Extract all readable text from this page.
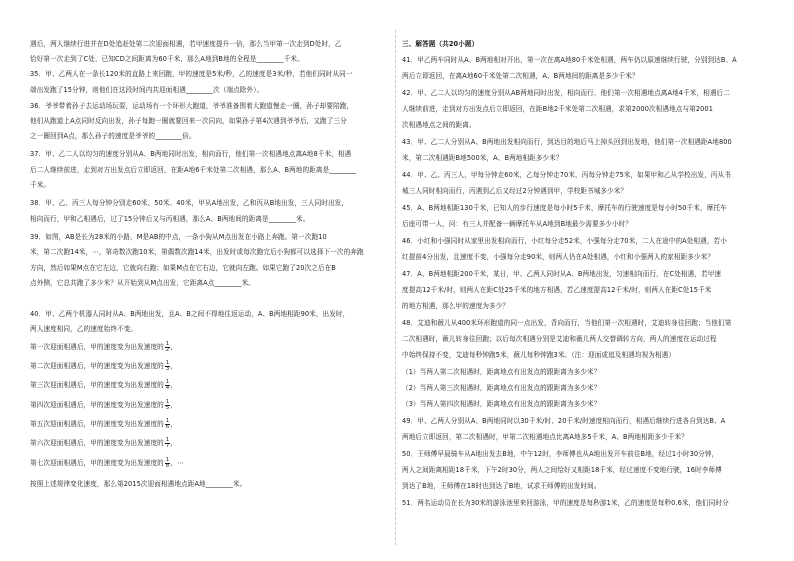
遇后，两人继续行进并在D处追赶处第二次迎面相遇，若甲速度提升一倍，那么当甲第一次走到D处时，乙
恰好第一次走到了C处，已知CD之间距离为60千米，那么A地到B地的全程是________千米。
35．甲、乙两人在一条长120米的直路上来回跑，甲的速度是5米/秒，乙的速度是3米/秒，若他们同时从同一
端出发跑了15分钟，则他们在这段时间内共迎面相遇________次（端点除外）。
36．爷爷带着孙子去运动场玩耍，运动场有一个环形大跑道，爷爷准备围着大跑道慢走一圈，孙子却要陪跑，
他们从跑道上A点同时反向出发，孙子每跑一圈就要回来一次同向，如果孙子第4次遇到爷爷后，又跑了三分
之一圈回到A点，那么孙子的速度是爷爷的________倍。
37．甲、乙二人以均匀的速度分别从A、B两地同时出发，相向而行，他们第一次相遇地点离A地8千米，相遇
后二人继续前进，走到对方出发点后立即返回，在距A地6千米处第二次相遇，那么A、B两地的距离是________
千米。
38．甲、乙、丙三人每分钟分别走60米、50米、40米，甲从A地出发，乙和丙从B地出发，三人同时出发，
相向而行，甲和乙相遇后，过了15分钟后又与丙相遇，那么A、B两地间的距离是________米。
39．如图，AB是长为28米的小路，M是AB的中点，一条小狗从M点出发在小路上奔跑。第一次跑10
米，第二次跑14米，⋯，第奇数次跑10米，第偶数次跑14米，出发时或每次跑完后小狗都可以选择下一次的奔跑
方向，然后如果M点在它左边，它就向右跑；如果M点在它右边，它就向左跑。如果它跑了20次之后在B
点外侧，它总共跑了多少米？从开始到从M点出发，它距离A点________米。
40．甲、乙两个机器人同时从A、B两地出发，且A、B之间不得地往返运动，A、B两地相距90米，出发时，
两人速度相同，乙的速度始终不变。
第一次迎面相遇后，甲的速度变为出发速度的 $\frac{1}{2}$ ，
第二次迎面相遇后，甲的速度变为出发速度的 $\frac{1}{3}$ ，
第三次迎面相遇后，甲的速度变为出发速度的 $\frac{1}{4}$ ，
第四次迎面相遇后，甲的速度变为出发速度的 $\frac{1}{5}$ ，
第五次迎面相遇后，甲的速度变为出发速度的 $\frac{1}{6}$ ，
第六次迎面相遇后，甲的速度变为出发速度的 $\frac{1}{7}$ ，
第七次迎面相遇后，甲的速度变为出发速度的 $\frac{1}{8}$ ，⋯
按照上述规律变化速度，那么第2015次迎面相遇地点距A地________米。
三、解答题（共20小题）
41．甲乙两车同时从A、B两地相对开出，第一次在离A地80千米处相遇，两车仍以原速继续行驶，分别到达B、A
两后立即返回，在离A地60千米处第二次相遇，A、B两地间的距离是多少千米？
42．甲、乙二人以均匀的速度分别从AB两地同时出发，相向而行，他们第一次相遇地点离A地4千米，相遇后二
人继续前进，走到对方出发点后立即返回，在距B地2千米处第二次相遇，求第2000次相遇地点与第2001
次相遇地点之间的距离。
43．甲、乙二人分别从A、B两地出发相向而行，到达目的地后马上掉头回到出发地，他们第一次相遇距A地800
米，第二次相遇距B地500米，A、B两地相距多少米？
44．甲、乙、丙三人，甲每分钟走60米，乙每分钟走70米，丙每分钟走75米，如果甲和乙从学校出发，丙从书
城三人同时相向而行，丙遇到乙后又经过2分钟遇到甲，学校距书城多少米？
45．A、B两地相距130千米，已知人的步行速度是每小时5千米，摩托车的行驶速度是每小时50千米，摩托车
后座可带一人，问：有三人并配备一辆摩托车从A地到B地最少需要多少小时？
46．小红和小强同时从家里出发相向而行，小红每分走52米，小强每分走70米，二人在途中的A处相遇，若小
红提前4分出发，且速度不变，小强每分走90米，则两人仍在A处相遇，小红和小强两人的家相距多少米？
47．A、B两地相距200千米，某日，甲、乙两人同时从A、B两地出发，匀速相向而行，在C处相遇，若甲速
度提高12千米/时，则两人在距C处25千米的地方相遇，若乙速度提高12千米/时，则两人在距C处15千米
的地方相遇，那么甲的速度为多少？
48．艾迪和薇儿从400米环形跑道的同一点出发，背向而行，当他们第一次相遇时，艾迪转身往回跑；当他们第
二次相遇时，薇儿转身往回跑；以后每次相遇分别是艾迪和薇儿两人交替调转方向，两人的速度在运动过程
中始终保持不变，艾迪每秒钟跑5米，薇儿每秒钟跑3米。（注：迎面或追及相遇均视为相遇）
（1）当两人第二次相遇时，距离地点有出发点的跟距离为多少米？
（2）当两人第三次相遇时，距离地点有出发点的跟距离为多少米？
（3）当两人第四次相遇时，距离地点有出发点的跟距离为多少米？
49．甲、乙两人分别从A、B两地同时以30千米/时、20千米/时速度相向而行，相遇后继续行进各自到达B、A
两地后立即返回，第二次相遇时，甲第二次相遇地点比离A地多5千米，A、B两地相距多少千米？
50．王师傅早晨骑车从A地出发去B地，中午12时，李师傅也从A地出发开车前往B地，经过1小时30分钟，
两人之间距离相距18千米，下午2时30分，两人之间恰好又相距18千米，经过速度不变地行驶，16时李师傅
到达了B地，王师傅在18时也到达了B地，试求王师傅的出发时间。
51．两名运动员在长为30米的游泳池里来回游泳，甲的速度是每秒游1米，乙的速度是每秒0.6米，他们同时分
